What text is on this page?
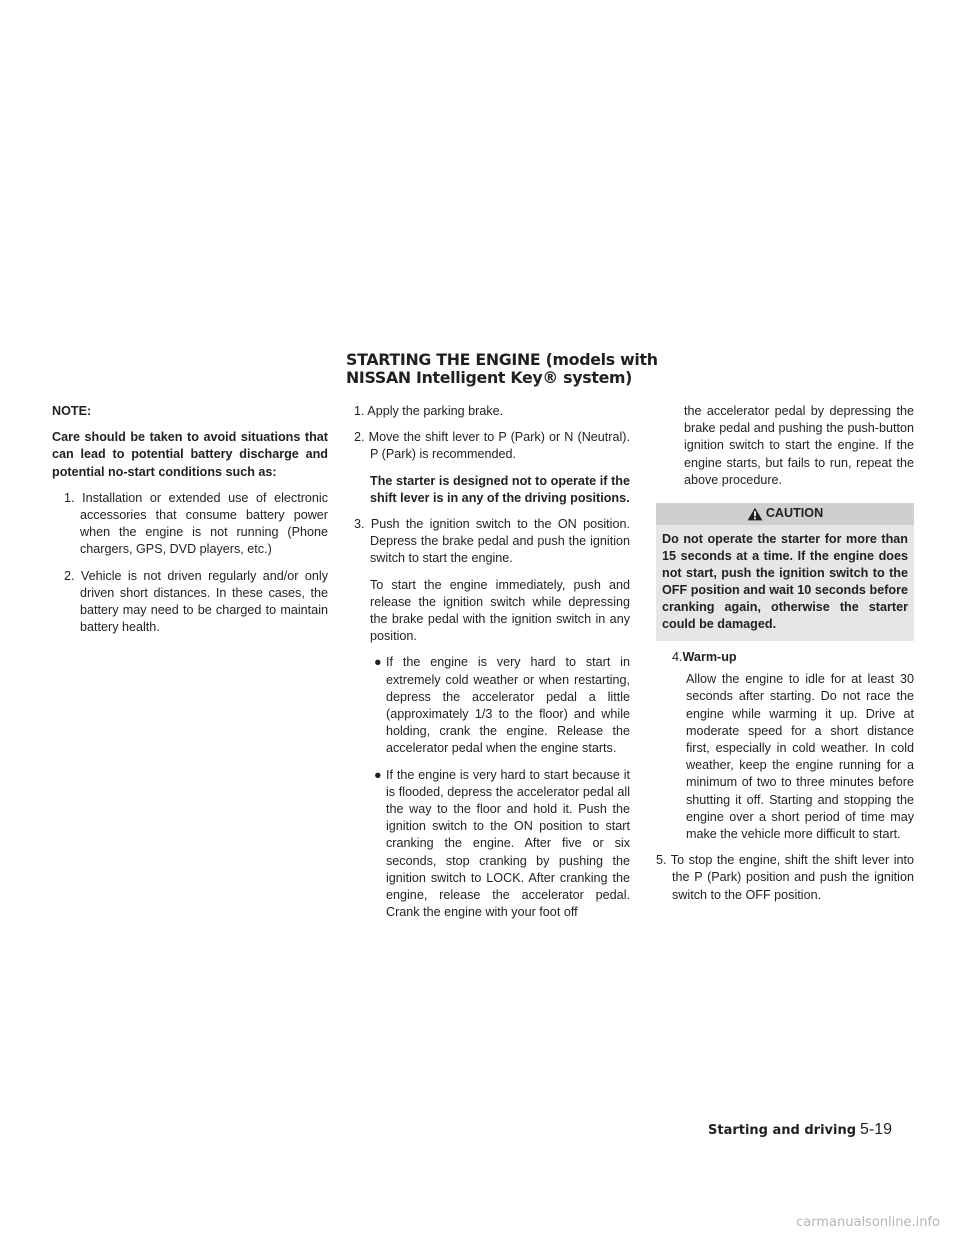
STARTING THE ENGINE (models with
NISSAN Intelligent Key® system)

NOTE:

Care should be taken to avoid situations that can lead to potential battery discharge and potential no-start conditions such as:

1. Installation or extended use of electronic accessories that consume battery power when the engine is not running (Phone chargers, GPS, DVD players, etc.)
2. Vehicle is not driven regularly and/or only driven short distances. In these cases, the battery may need to be charged to maintain battery health.
1. Apply the parking brake.
2. Move the shift lever to P (Park) or N (Neutral). P (Park) is recommended.
The starter is designed not to operate if the shift lever is in any of the driving positions.
3. Push the ignition switch to the ON position. Depress the brake pedal and push the ignition switch to start the engine.
To start the engine immediately, push and release the ignition switch while depressing the brake pedal with the ignition switch in any position.
● If the engine is very hard to start in extremely cold weather or when restarting, depress the accelerator pedal a little (approximately 1/3 to the floor) and while holding, crank the engine. Release the accelerator pedal when the engine starts.
● If the engine is very hard to start because it is flooded, depress the accelerator pedal all the way to the floor and hold it. Push the ignition switch to the ON position to start cranking the engine. After five or six seconds, stop cranking by pushing the ignition switch to LOCK. After cranking the engine, release the accelerator pedal. Crank the engine with your foot off
the accelerator pedal by depressing the brake pedal and pushing the push-button ignition switch to start the engine. If the engine starts, but fails to run, repeat the above procedure.
CAUTION
Do not operate the starter for more than 15 seconds at a time. If the engine does not start, push the ignition switch to the OFF position and wait 10 seconds before cranking again, otherwise the starter could be damaged.
4.Warm-up
Allow the engine to idle for at least 30 seconds after starting. Do not race the engine while warming it up. Drive at moderate speed for a short distance first, especially in cold weather. In cold weather, keep the engine running for a minimum of two to three minutes before shutting it off. Starting and stopping the engine over a short period of time may make the vehicle more difficult to start.
5. To stop the engine, shift the shift lever into the P (Park) position and push the ignition switch to the OFF position.
Starting and driving 5-19
carmanualsonline.info
